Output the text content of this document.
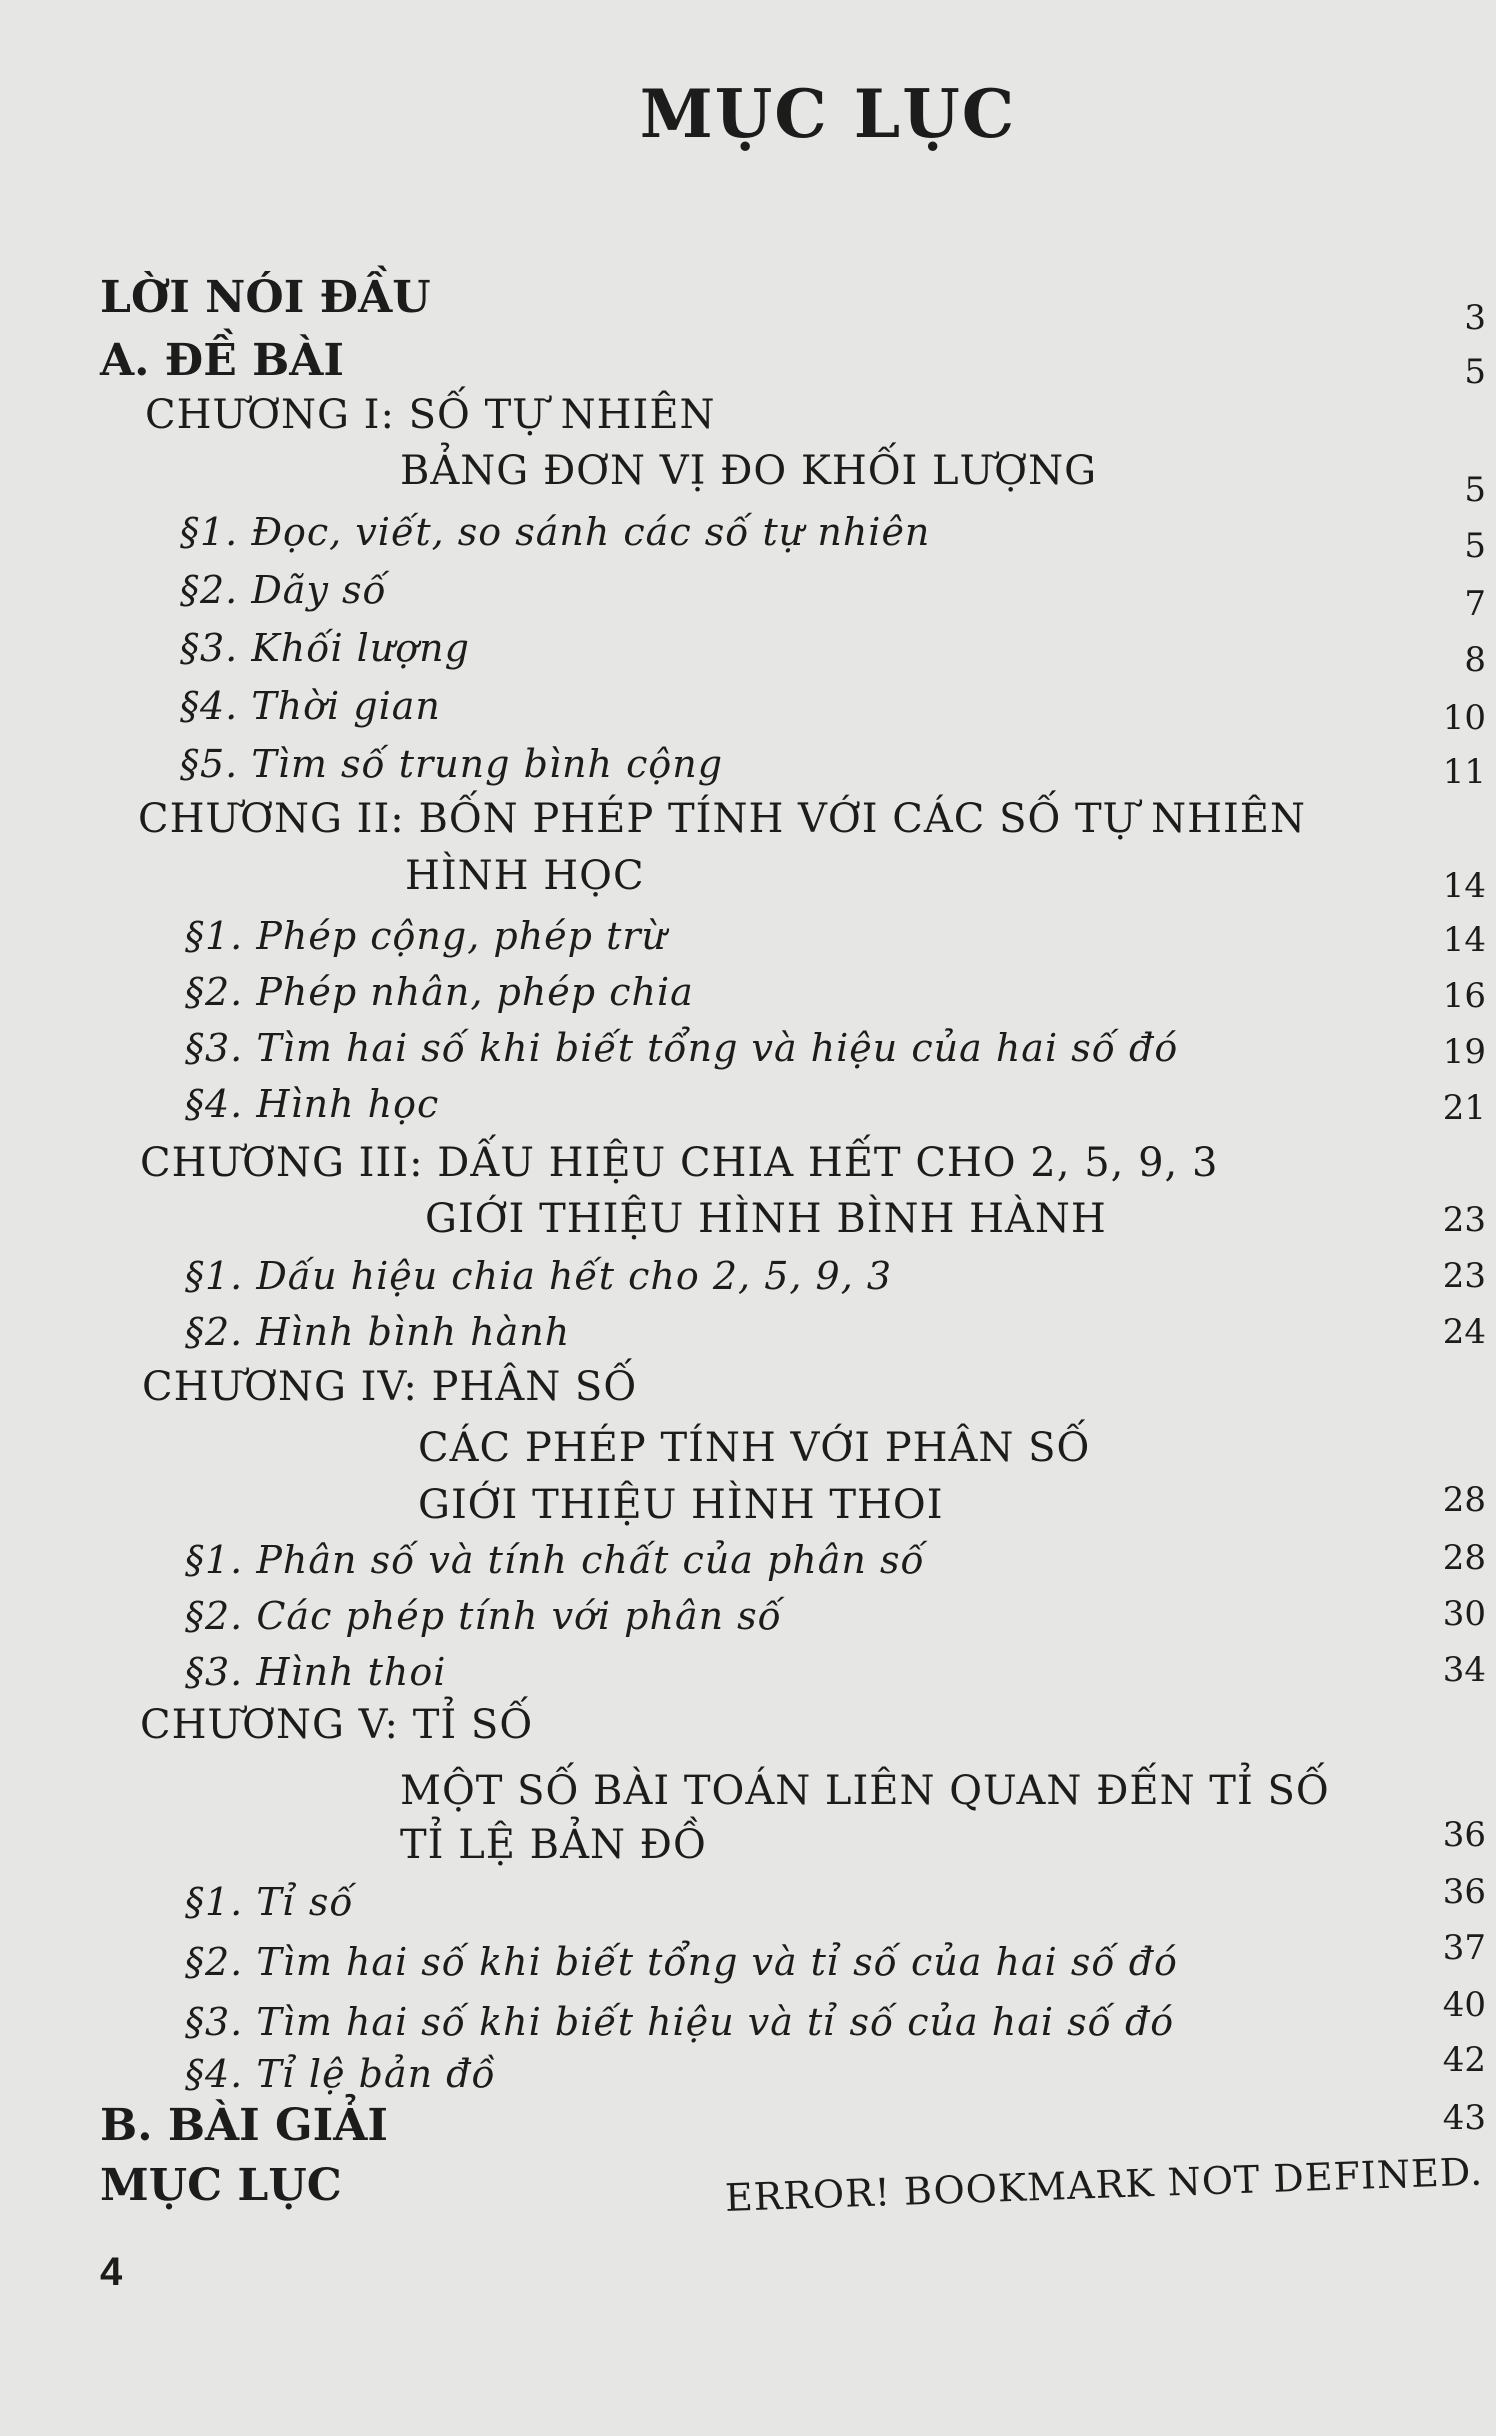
MỤC LỤC
LỜI NÓI ĐẦU	3
A. ĐỀ BÀI	5
CHƯƠNG I: SỐ TỰ NHIÊN
BẢNG ĐƠN VỊ ĐO KHỐI LƯỢNG	5
§1. Đọc, viết, so sánh các số tự nhiên	5
§2. Dãy số	7
§3. Khối lượng	8
§4. Thời gian	10
§5. Tìm số trung bình cộng	11
CHƯƠNG II: BỐN PHÉP TÍNH VỚI CÁC SỐ TỰ NHIÊN
HÌNH HỌC	14
§1. Phép cộng, phép trừ	14
§2. Phép nhân, phép chia	16
§3. Tìm hai số khi biết tổng và hiệu của hai số đó	19
§4. Hình học	21
CHƯƠNG III: DẤU HIỆU CHIA HẾT CHO 2, 5, 9, 3
GIỚI THIỆU HÌNH BÌNH HÀNH	23
§1. Dấu hiệu chia hết cho 2, 5, 9, 3	23
§2. Hình bình hành	24
CHƯƠNG IV: PHÂN SỐ
CÁC PHÉP TÍNH VỚI PHÂN SỐ
GIỚI THIỆU HÌNH THOI	28
§1. Phân số và tính chất của phân số	28
§2. Các phép tính với phân số	30
§3. Hình thoi	34
CHƯƠNG V: TỈ SỐ
MỘT SỐ BÀI TOÁN LIÊN QUAN ĐẾN TỈ SỐ
TỈ LỆ BẢN ĐỒ	36
§1. Tỉ số	36
§2. Tìm hai số khi biết tổng và tỉ số của hai số đó	37
§3. Tìm hai số khi biết hiệu và tỉ số của hai số đó	40
§4. Tỉ lệ bản đồ	42
B. BÀI GIẢI	43
MỤC LỤC	ERROR! BOOKMARK NOT DEFINED.
4
